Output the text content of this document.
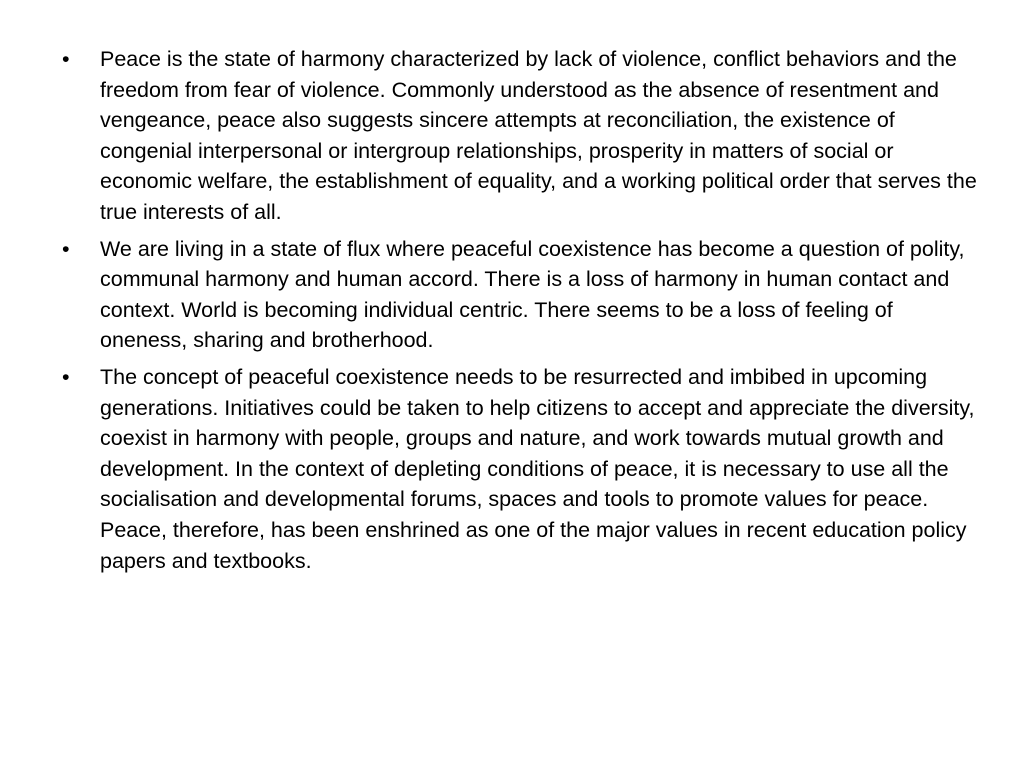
•	Peace is the state of harmony characterized by lack of violence, conflict behaviors and the freedom from fear of violence. Commonly understood as the absence of resentment and vengeance, peace also suggests sincere attempts at reconciliation, the existence of congenial interpersonal or intergroup relationships, prosperity in matters of social or economic welfare, the establishment of equality, and a working political order that serves the true interests of all.
•	We are living in a state of flux where peaceful coexistence has become a question of polity, communal harmony and human accord. There is a loss of harmony in human contact and context. World is becoming individual centric. There seems to be a loss of feeling of oneness, sharing and brotherhood.
•	The concept of peaceful coexistence needs to be resurrected and imbibed in upcoming generations. Initiatives could be taken to help citizens to accept and appreciate the diversity, coexist in harmony with people, groups and nature, and work towards mutual growth and development. In the context of depleting conditions of peace, it is necessary to use all the socialisation and developmental forums, spaces and tools to promote values for peace. Peace, therefore, has been enshrined as one of the major values in recent education policy papers and textbooks.
